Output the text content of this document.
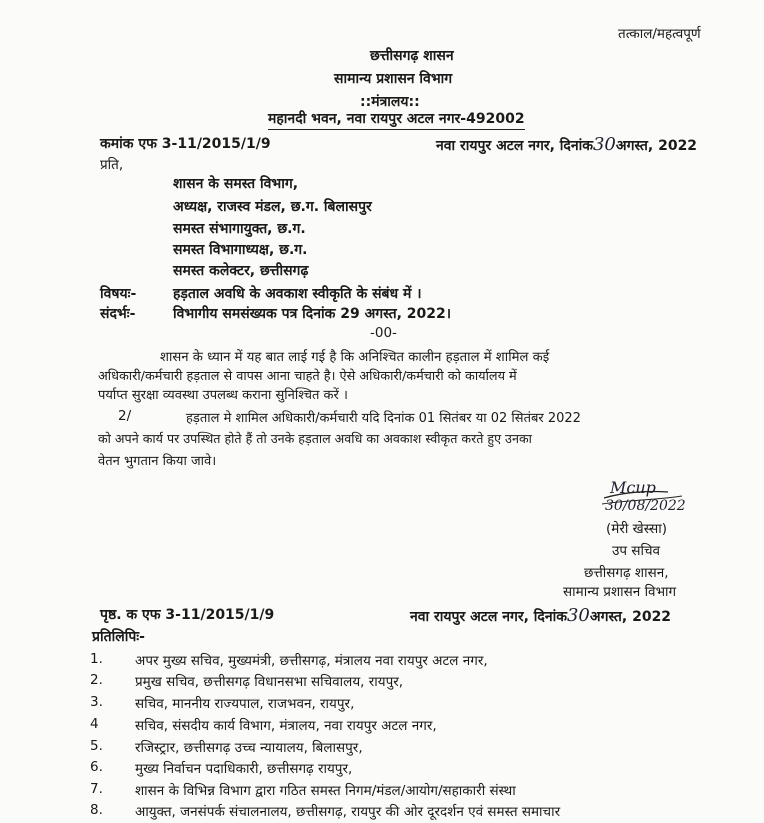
तत्काल/महत्वपूर्ण
छत्तीसगढ़ शासन
सामान्य प्रशासन विभाग
::मंत्रालय::
महानदी भवन, नवा रायपुर अटल नगर-492002
कमांक एफ 3-11/2015/1/9	नवा रायपुर अटल नगर, दिनांक30अगस्त, 2022
प्रति,
शासन के समस्त विभाग,
अध्यक्ष, राजस्व मंडल, छ.ग. बिलासपुर
समस्त संभागायुक्त, छ.ग.
समस्त विभागाध्यक्ष, छ.ग.
समस्त कलेक्टर, छत्तीसगढ़
विषयः-	हड़ताल अवधि के अवकाश स्वीकृति के संबंध में ।
संदर्भः-	विभागीय समसंख्यक पत्र दिनांक 29 अगस्त, 2022।
-00-
शासन के ध्यान में यह बात लाई गई है कि अनिश्चित कालीन हड़ताल में शामिल कई
अधिकारी/कर्मचारी हड़ताल से वापस आना चाहते है। ऐसे अधिकारी/कर्मचारी को कार्यालय में
पर्याप्त सुरक्षा व्यवस्था उपलब्ध कराना सुनिश्चित करें ।
2/	हड़ताल मे शामिल अधिकारी/कर्मचारी यदि दिनांक 01 सितंबर या 02 सितंबर 2022
को अपने कार्य पर उपस्थित होते हैं तो उनके हड़ताल अवधि का अवकाश स्वीकृत करते हुए उनका
वेतन भुगतान किया जावे।
Mcup
30/08/2022
(मेरी खेस्सा)
उप सचिव
छत्तीसगढ़ शासन,
सामान्य प्रशासन विभाग
पृष्ठ. क एफ 3-11/2015/1/9	नवा रायपुर अटल नगर, दिनांक30अगस्त, 2022
प्रतिलिपिः-
1. अपर मुख्य सचिव, मुख्यमंत्री, छत्तीसगढ़, मंत्रालय नवा रायपुर अटल नगर,
2. प्रमुख सचिव, छत्तीसगढ़ विधानसभा सचिवालय, रायपुर,
3. सचिव, माननीय राज्यपाल, राजभवन, रायपुर,
4	सचिव, संसदीय कार्य विभाग, मंत्रालय, नवा रायपुर अटल नगर,
5. रजिस्ट्रार, छत्तीसगढ़ उच्च न्यायालय, बिलासपुर,
6. मुख्य निर्वाचन पदाधिकारी, छत्तीसगढ़ रायपुर,
7. शासन के विभिन्न विभाग द्वारा गठित समस्त निगम/मंडल/आयोग/सहाकारी संस्था
8. आयुक्त, जनसंपर्क संचालनालय, छत्तीसगढ़, रायपुर की ओर दूरदर्शन एवं समस्त समाचार
